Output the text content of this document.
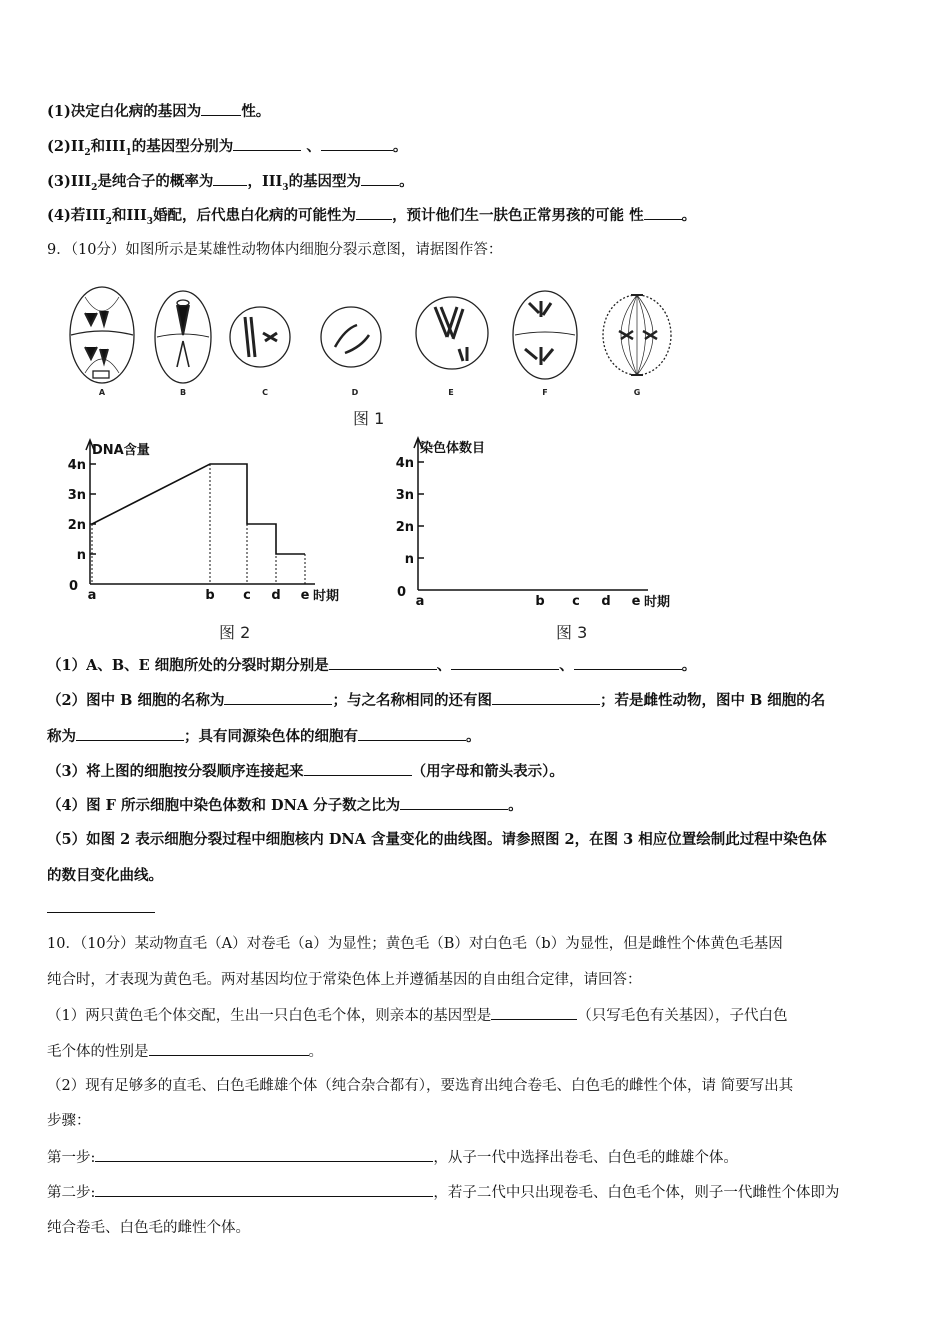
(1)决定白化病的基因为	性。
$(2)II_2$和$III_1$的基因型分别为	、	。
$(3)III_2$是纯合子的概率为 ，$III_3$的基因型为	。
(4)若$III_2$和$III_3$婚配，后代患白化病的可能性为 ，预计他们生一肤色正常男孩的可能 性	。
9．（10分）如图所示是某雄性动物体内细胞分裂示意图，请据图作答：
A	B	C	D	E	F	G
图 1
DNA含量
n
2n
3n
4n
0
a	b c d e 时期
图 2
染色体数目
n
2n
3n
4n
0
a	b c d e 时期
图 3
（1）A、B、E 细胞所处的分裂时期分别是	、	、	。
（2）图中 B 细胞的名称为	；与之名称相同的还有图	；若是雌性动物，图中 B 细胞的名
称为	；具有同源染色体的细胞有	。
（3）将上图的细胞按分裂顺序连接起来	（用字母和箭头表示）。
（4）图 F 所示细胞中染色体数和 DNA 分子数之比为	。
（5）如图 2 表示细胞分裂过程中细胞核内 DNA 含量变化的曲线图。请参照图 2，在图 3 相应位置绘制此过程中染色体
的数目变化曲线。
10．（10分）某动物直毛（A）对卷毛（a）为显性；黄色毛（B）对白色毛（b）为显性，但是雌性个体黄色毛基因
纯合时，才表现为黄色毛。两对基因均位于常染色体上并遵循基因的自由组合定律，请回答：
（1）两只黄色毛个体交配，生出一只白色毛个体，则亲本的基因型是	（只写毛色有关基因），子代白色
毛个体的性别是	。
（2）现有足够多的直毛、白色毛雌雄个体（纯合杂合都有），要选育出纯合卷毛、白色毛的雌性个体，请 简要写出其
步骤：
第一步:	，从子一代中选择出卷毛、白色毛的雌雄个体。
第二步:	，若子二代中只出现卷毛、白色毛个体，则子一代雌性个体即为
纯合卷毛、白色毛的雌性个体。
